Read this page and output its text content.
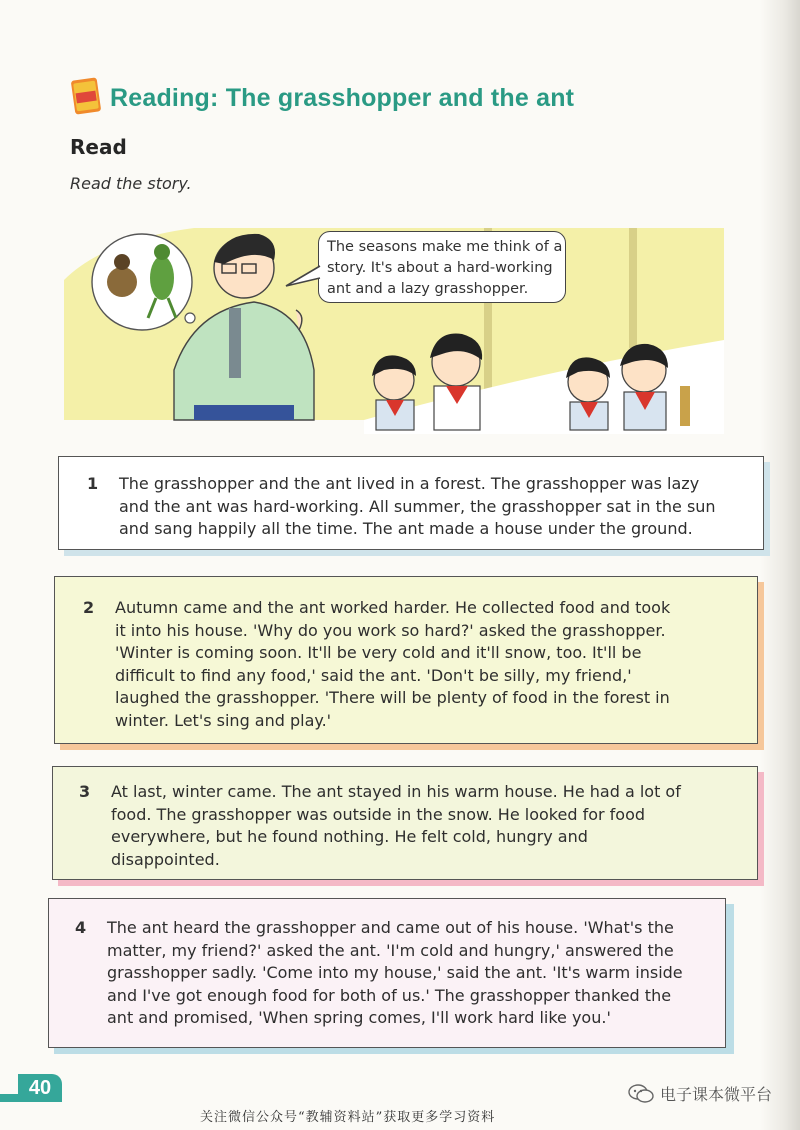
Reading: The grasshopper and the ant
Read
Read the story.

The seasons make me think of a

story. It's about a hard-working

ant and a lazy grasshopper.

1 The grasshopper and the ant lived in a forest. The grasshopper was lazy

and the ant was hard-working. All summer, the grasshopper sat in the sun

and sang happily all the time. The ant made a house under the ground.

2 Autumn came and the ant worked harder. He collected food and took

it into his house. 'Why do you work so hard?' asked the grasshopper.

'Winter is coming soon. It'll be very cold and it'll snow, too. It'll be

difficult to find any food,' said the ant. 'Don't be silly, my friend,'

laughed the grasshopper. 'There will be plenty of food in the forest in

winter. Let's sing and play.'

3 At last, winter came. The ant stayed in his warm house. He had a lot of

food. The grasshopper was outside in the snow. He looked for food

everywhere, but he found nothing. He felt cold, hungry and

disappointed.

4 The ant heard the grasshopper and came out of his house. 'What's the

matter, my friend?' asked the ant. 'I'm cold and hungry,' answered the

grasshopper sadly. 'Come into my house,' said the ant. 'It's warm inside

and I've got enough food for both of us.' The grasshopper thanked the

ant and promised, 'When spring comes, I'll work hard like you.'

40	电子课本微平台
关注微信公众号“教辅资料站”获取更多学习资料
